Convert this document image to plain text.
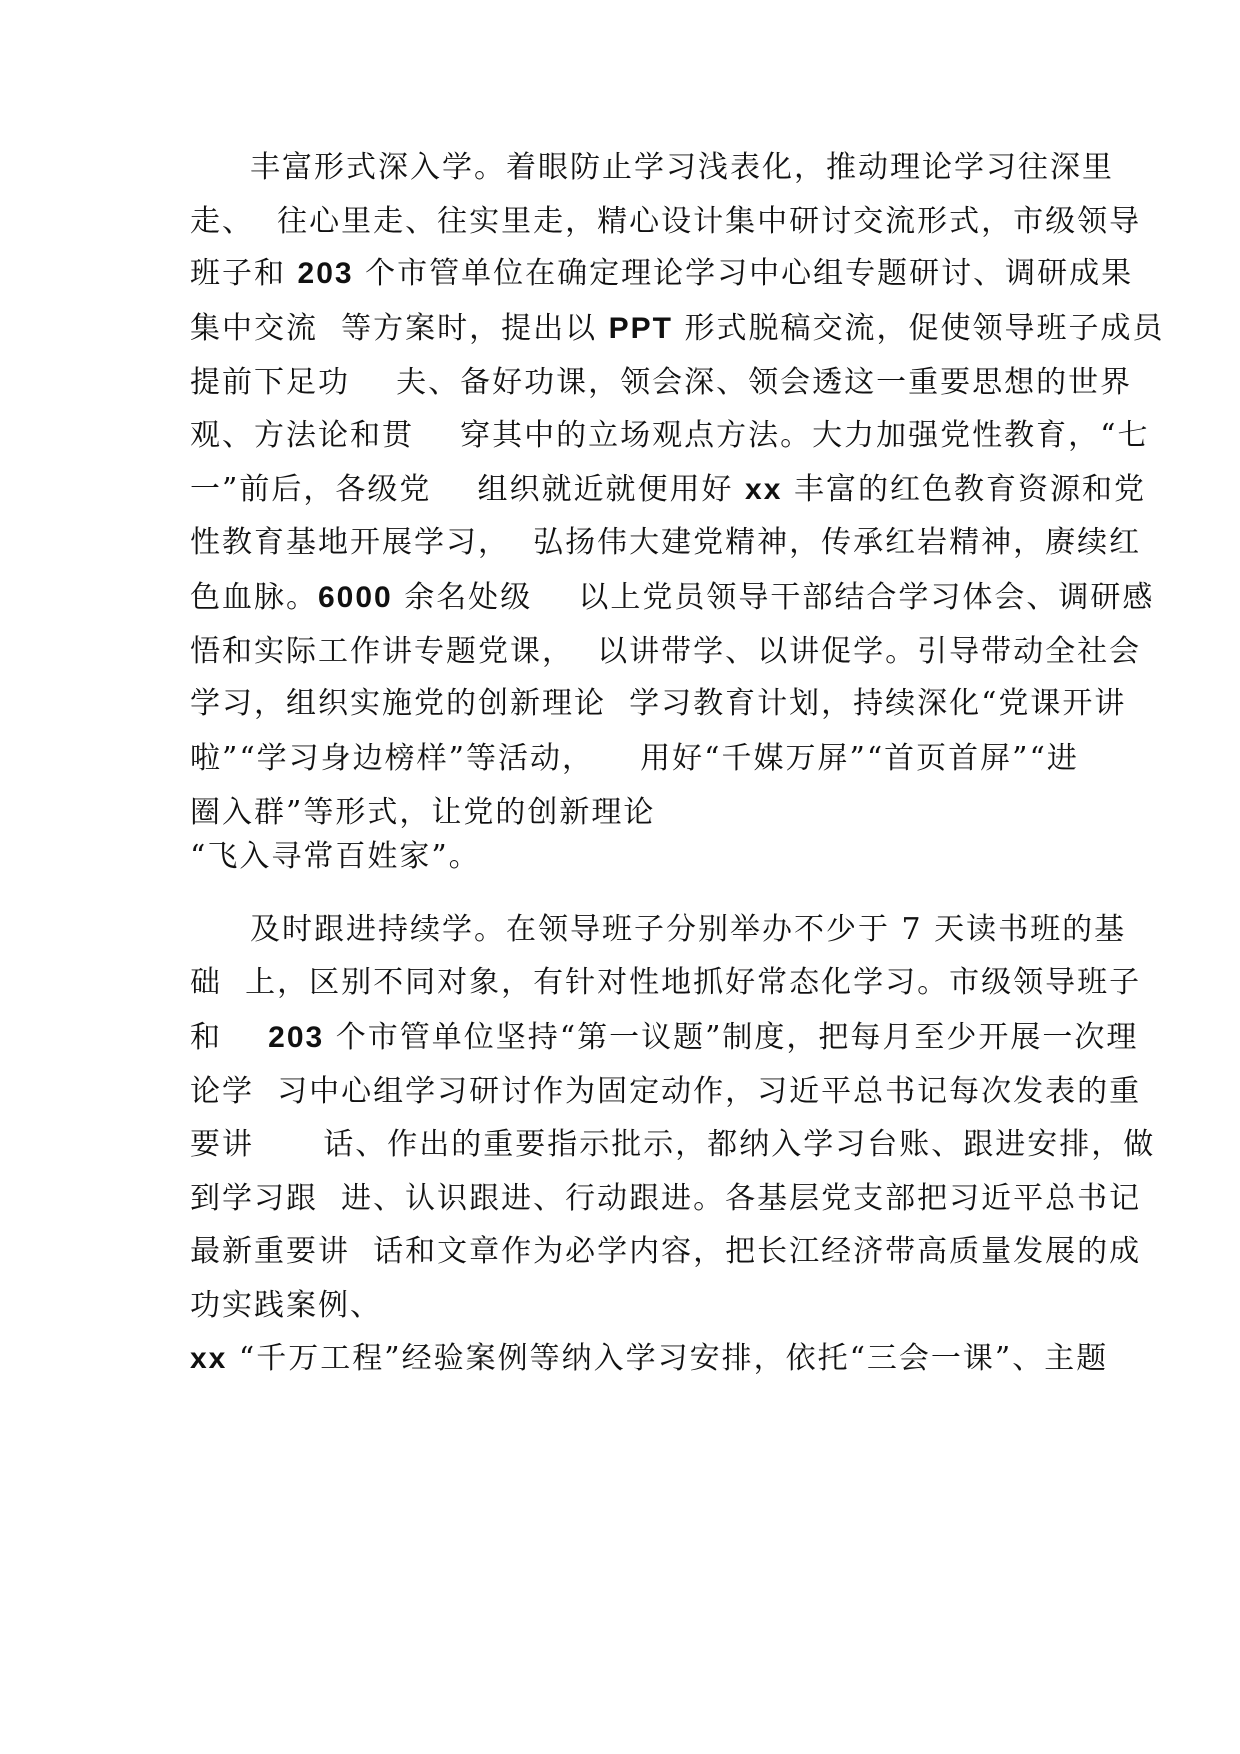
丰富形式深入学。着眼防止学习浅表化，推动理论学习往深里
走、  往心里走、往实里走，精心设计集中研讨交流形式，市级领导
班子和 203 个市管单位在确定理论学习中心组专题研讨、调研成果
集中交流  等方案时，提出以 PPT 形式脱稿交流，促使领导班子成员
提前下足功    夫、备好功课，领会深、领会透这一重要思想的世界
观、方法论和贯    穿其中的立场观点方法。大力加强党性教育，“七
一”前后，各级党    组织就近就便用好 xx 丰富的红色教育资源和党
性教育基地开展学习，  弘扬伟大建党精神，传承红岩精神，赓续红
色血脉。6000 余名处级    以上党员领导干部结合学习体会、调研感
悟和实际工作讲专题党课，  以讲带学、以讲促学。引导带动全社会
学习，组织实施党的创新理论  学习教育计划，持续深化“党课开讲
啦”“学习身边榜样”等活动，    用好“千媒万屏”“首页首屏”“进
圈入群”等形式，让党的创新理论
“飞入寻常百姓家”。
及时跟进持续学。在领导班子分别举办不少于 7 天读书班的基
础  上，区别不同对象，有针对性地抓好常态化学习。市级领导班子
和    203 个市管单位坚持“第一议题”制度，把每月至少开展一次理
论学  习中心组学习研讨作为固定动作，习近平总书记每次发表的重
要讲      话、作出的重要指示批示，都纳入学习台账、跟进安排，做
到学习跟  进、认识跟进、行动跟进。各基层党支部把习近平总书记
最新重要讲  话和文章作为必学内容，把长江经济带高质量发展的成
功实践案例、
xx “千万工程”经验案例等纳入学习安排，依托“三会一课”、主题
